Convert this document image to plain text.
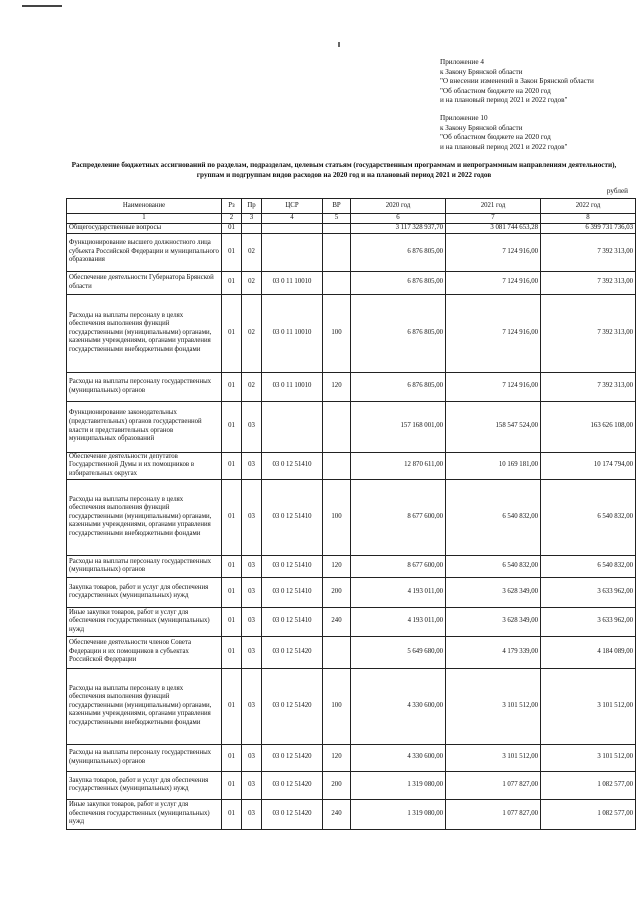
Приложение 4
к Закону Брянской области
"О внесении изменений в Закон Брянской области
"Об областном бюджете на 2020 год
и на плановый период 2021 и 2022 годов"
Приложение 10
к Закону Брянской области
"Об областном бюджете на 2020 год
и на плановый период 2021 и 2022 годов"
Распределение бюджетных ассигнований по разделам, подразделам, целевым статьям (государственным программам и непрограммным направлениям деятельности), группам и подгруппам видов расходов на 2020 год и на плановый период 2021 и 2022 годов
рублей
Наименование	Рз	Пр	ЦСР	ВР	2020 год	2021 год	2022 год
1	2	3	4	5	6	7	8
Общегосударственные вопросы	01				3 117 328 937,70	3 081 744 653,28	6 399 731 736,03
Функционирование высшего должностного лица субъекта Российской Федерации и муниципального образования	01	02			6 876 805,00	7 124 916,00	7 392 313,00
Обеспечение деятельности Губернатора Брянской области	01	02	03 0 11 10010		6 876 805,00	7 124 916,00	7 392 313,00
Расходы на выплаты персоналу в целях обеспечения выполнения функций государственными (муниципальными) органами, казенными учреждениями, органами управления государственными внебюджетными фондами	01	02	03 0 11 10010	100	6 876 805,00	7 124 916,00	7 392 313,00
Расходы на выплаты персоналу государственных (муниципальных) органов	01	02	03 0 11 10010	120	6 876 805,00	7 124 916,00	7 392 313,00
Функционирование законодательных (представительных) органов государственной власти и представительных органов муниципальных образований	01	03			157 168 001,00	158 547 524,00	163 626 108,00
Обеспечение деятельности депутатов Государственной Думы и их помощников в избирательных округах	01	03	03 0 12 51410		12 870 611,00	10 169 181,00	10 174 794,00
Расходы на выплаты персоналу в целях обеспечения выполнения функций государственными (муниципальными) органами, казенными учреждениями, органами управления государственными внебюджетными фондами	01	03	03 0 12 51410	100	8 677 600,00	6 540 832,00	6 540 832,00
Расходы на выплаты персоналу государственных (муниципальных) органов	01	03	03 0 12 51410	120	8 677 600,00	6 540 832,00	6 540 832,00
Закупка товаров, работ и услуг для обеспечения государственных (муниципальных) нужд	01	03	03 0 12 51410	200	4 193 011,00	3 628 349,00	3 633 962,00
Иные закупки товаров, работ и услуг для обеспечения государственных (муниципальных) нужд	01	03	03 0 12 51410	240	4 193 011,00	3 628 349,00	3 633 962,00
Обеспечение деятельности членов Совета Федерации и их помощников в субъектах Российской Федерации	01	03	03 0 12 51420		5 649 680,00	4 179 339,00	4 184 089,00
Расходы на выплаты персоналу в целях обеспечения выполнения функций государственными (муниципальными) органами, казенными учреждениями, органами управления государственными внебюджетными фондами	01	03	03 0 12 51420	100	4 330 600,00	3 101 512,00	3 101 512,00
Расходы на выплаты персоналу государственных (муниципальных) органов	01	03	03 0 12 51420	120	4 330 600,00	3 101 512,00	3 101 512,00
Закупка товаров, работ и услуг для обеспечения государственных (муниципальных) нужд	01	03	03 0 12 51420	200	1 319 080,00	1 077 827,00	1 082 577,00
Иные закупки товаров, работ и услуг для обеспечения государственных (муниципальных) нужд	01	03	03 0 12 51420	240	1 319 080,00	1 077 827,00	1 082 577,00
